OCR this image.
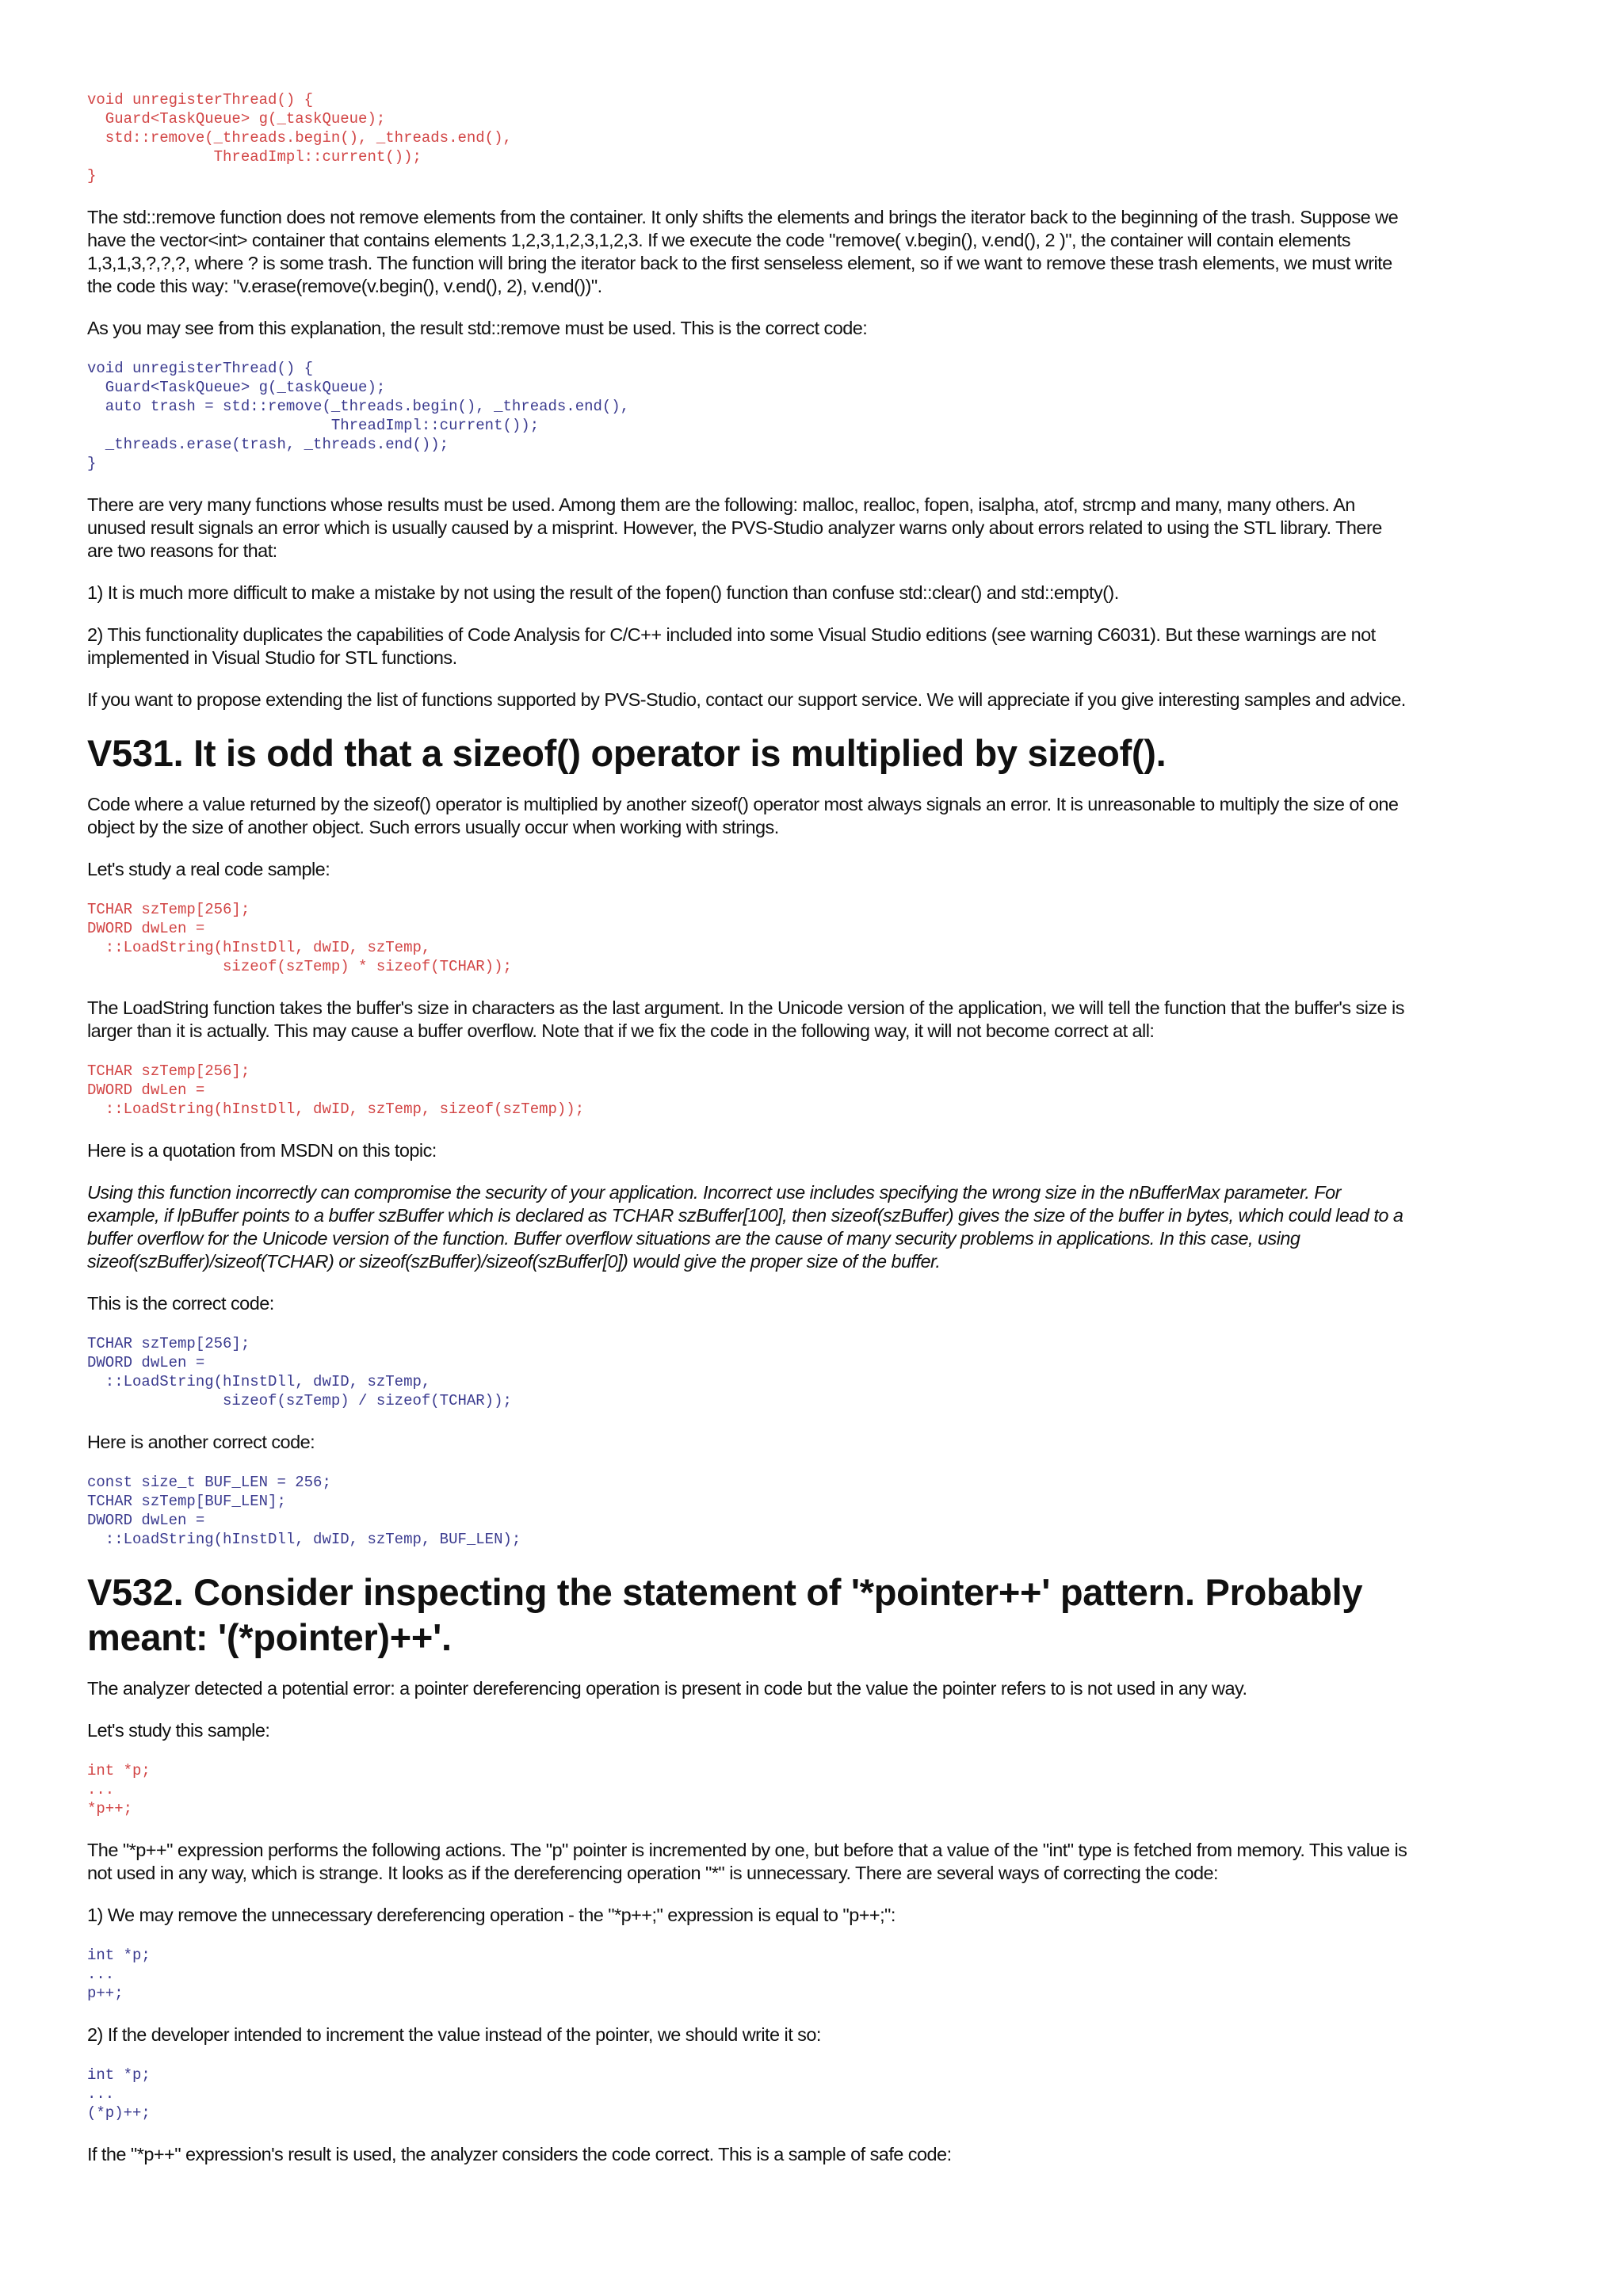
void unregisterThread() {
Guard<TaskQueue> g(_taskQueue);
std::remove(_threads.begin(), _threads.end(),
ThreadImpl::current());
}

The std::remove function does not remove elements from the container. It only shifts the elements and brings the iterator back to the beginning of the trash. Suppose we have the vector<int> container that contains elements 1,2,3,1,2,3,1,2,3. If we execute the code "remove( v.begin(), v.end(), 2 )", the container will contain elements 1,3,1,3,?,?,?, where ? is some trash. The function will bring the iterator back to the first senseless element, so if we want to remove these trash elements, we must write the code this way: "v.erase(remove(v.begin(), v.end(), 2), v.end())".

As you may see from this explanation, the result std::remove must be used. This is the correct code:

void unregisterThread() {
Guard<TaskQueue> g(_taskQueue);
auto trash = std::remove(_threads.begin(), _threads.end(),
ThreadImpl::current());
_threads.erase(trash, _threads.end());
}

There are very many functions whose results must be used. Among them are the following: malloc, realloc, fopen, isalpha, atof, strcmp and many, many others. An unused result signals an error which is usually caused by a misprint. However, the PVS-Studio analyzer warns only about errors related to using the STL library. There are two reasons for that:

1) It is much more difficult to make a mistake by not using the result of the fopen() function than confuse std::clear() and std::empty().

2) This functionality duplicates the capabilities of Code Analysis for C/C++ included into some Visual Studio editions (see warning C6031). But these warnings are not implemented in Visual Studio for STL functions.

If you want to propose extending the list of functions supported by PVS-Studio, contact our support service. We will appreciate if you give interesting samples and advice.

V531. It is odd that a sizeof() operator is multiplied by sizeof().

Code where a value returned by the sizeof() operator is multiplied by another sizeof() operator most always signals an error. It is unreasonable to multiply the size of one object by the size of another object. Such errors usually occur when working with strings.

Let's study a real code sample:

TCHAR szTemp[256];
DWORD dwLen =
::LoadString(hInstDll, dwID, szTemp,
sizeof(szTemp) * sizeof(TCHAR));

The LoadString function takes the buffer's size in characters as the last argument. In the Unicode version of the application, we will tell the function that the buffer's size is larger than it is actually. This may cause a buffer overflow. Note that if we fix the code in the following way, it will not become correct at all:

TCHAR szTemp[256];
DWORD dwLen =
::LoadString(hInstDll, dwID, szTemp, sizeof(szTemp));

Here is a quotation from MSDN on this topic:

Using this function incorrectly can compromise the security of your application. Incorrect use includes specifying the wrong size in the nBufferMax parameter. For example, if lpBuffer points to a buffer szBuffer which is declared as TCHAR szBuffer[100], then sizeof(szBuffer) gives the size of the buffer in bytes, which could lead to a buffer overflow for the Unicode version of the function. Buffer overflow situations are the cause of many security problems in applications. In this case, using sizeof(szBuffer)/sizeof(TCHAR) or sizeof(szBuffer)/sizeof(szBuffer[0]) would give the proper size of the buffer.

This is the correct code:

TCHAR szTemp[256];
DWORD dwLen =
::LoadString(hInstDll, dwID, szTemp,
sizeof(szTemp) / sizeof(TCHAR));

Here is another correct code:

const size_t BUF_LEN = 256;
TCHAR szTemp[BUF_LEN];
DWORD dwLen =
::LoadString(hInstDll, dwID, szTemp, BUF_LEN);
V532. Consider inspecting the statement of '*pointer++' pattern. Probably meant: '(*pointer)++'.

The analyzer detected a potential error: a pointer dereferencing operation is present in code but the value the pointer refers to is not used in any way.

Let's study this sample:

int *p;
...
*p++;

The "*p++" expression performs the following actions. The "p" pointer is incremented by one, but before that a value of the "int" type is fetched from memory. This value is not used in any way, which is strange. It looks as if the dereferencing operation "*" is unnecessary. There are several ways of correcting the code:

1) We may remove the unnecessary dereferencing operation - the "*p++;" expression is equal to "p++;":

int *p;
...
p++;

2) If the developer intended to increment the value instead of the pointer, we should write it so:

int *p;
...
(*p)++;

If the "*p++" expression's result is used, the analyzer considers the code correct. This is a sample of safe code:
